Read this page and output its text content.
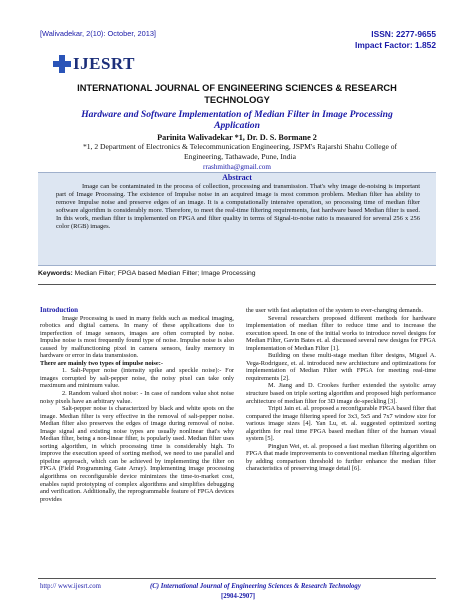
[Walivadekar, 2(10): October, 2013]	ISSN: 2277-9655
Impact Factor: 1.852
IJESRT
INTERNATIONAL JOURNAL OF ENGINEERING SCIENCES & RESEARCH
TECHNOLOGY
Hardware and Software Implementation of Median Filter in Image Processing
Application
Parinita Walivadekar *1, Dr. D. S. Bormane 2
*1, 2 Department of Electronics & Telecommunication Engineering, JSPM's Rajarshi Shahu College of
Engineering, Tathawade, Pune, India
rrashmitha@gmail.com
Abstract
Image can be contaminated in the process of collection, processing and transmission. That's why image de-noising is important part of Image Processing. The existence of Impulse noise in an acquired image is most common problem. Median filter has ability to remove Impulse noise and preserve edges of an image. It is a computationally intensive operation, so processing time of median filter software algorithm is considerably more. Therefore, to meet the real-time filtering requirements, fast hardware based Median filter is used. In this work, median filter is implemented on FPGA and filter quality in terms of Signal-to-noise ratio is measured for several 256 x 256 color (RGB) images.
Keywords: Median Filter; FPGA based Median Filter; Image Processing

Introduction

Image Processing is used in many fields such as medical imaging, robotics and digital camera. In many of these applications due to imperfection of image sensors, images are often corrupted by noise. Impulse noise is most frequently found type of noise. Impulse noise is also caused by malfunctioning pixel in camera sensors, faulty memory in hardware or error in data transmission.

There are mainly two types of impulse noise:-

1. Salt-Pepper noise (intensity spike and speckle noise):- For images corrupted by salt-pepper noise, the noisy pixel can take only maximum and minimum value.

2. Random valued shot noise: - In case of random value shot noise noisy pixels have an arbitrary value.

Salt-pepper noise is characterized by black and white spots on the image. Median filter is very effective in the removal of salt-pepper noise. Median filter also preserves the edges of image during removal of noise. Image signal and existing noise types are usually nonlinear that's why Median filter, being a non-linear filter, is popularly used. Median filter uses sorting algorithm, in which processing time is considerably high. To improve the execution speed of sorting method, we need to use parallel and pipeline approach, which can be achieved by implementing the filter on FPGA (Field Programming Gate Array). Implementing image processing algorithms on reconfigurable device minimizes the time-to-market cost, enables rapid prototyping of complex algorithms and simplifies debugging and verification. Additionally, the reprogrammable feature of FPGA devices provides

the user with fast adaptation of the system to ever-changing demands.

Several researchers proposed different methods for hardware implementation of median filter to reduce time and to increase the execution speed. In one of the initial works to introduce novel designs for Median Filter, Gavin Bates et. al. discussed several new designs for FPGA implementation of Median Filter [1].

Building on these multi-stage median filter designs, Miguel A. Vega-Rodriguez, et. al. introduced new architecture and optimizations for implementation of Median Filter with FPGA for meeting real-time requirements [2].

M. Jiang and D. Crookes further extended the systolic array structure based on triple sorting algorithm and proposed high performance architecture of median filter for 3D image de-speckling [3].

Tripti Jain et. al. proposed a reconfigurable FPGA based filter that compared the image filtering speed for 3x3, 5x5 and 7x7 window size for various image sizes [4]. Yan Lu, et. al. suggested optimized sorting algorithm for real time FPGA based median filter of the human visual system [5].

Pingjun Wei, et. al. proposed a fast median filtering algorithm on FPGA that made improvements to conventional median filtering algorithm by adding comparison threshold to further enhance the median filter characteristics of preserving image detail [6].

http:// www.ijesrt.com	(C) International Journal of Engineering Sciences & Research Technology
[2904-2907]
